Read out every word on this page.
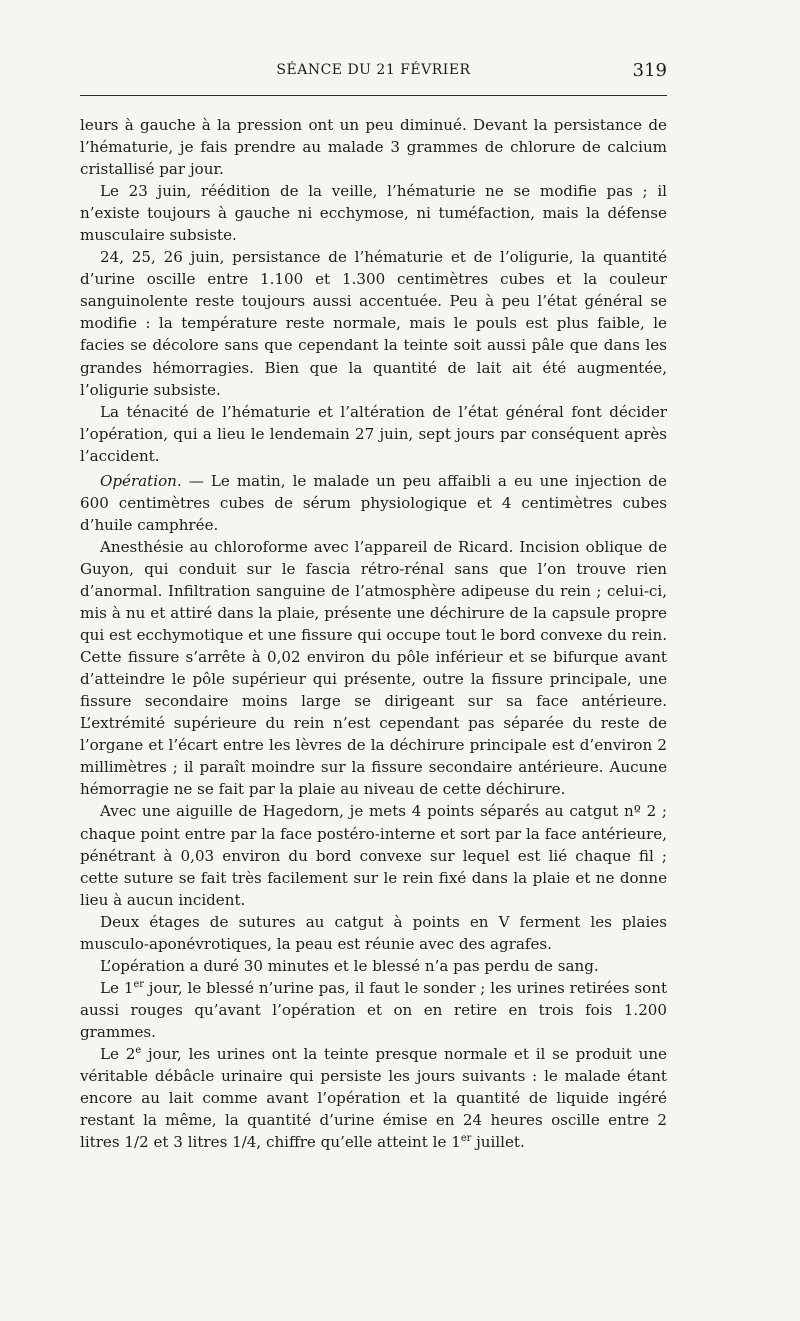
SÉANCE DU 21 FÉVRIER	319

leurs à gauche à la pression ont un peu diminué. Devant la persistance de l’hématurie, je fais prendre au malade 3 grammes de chlorure de calcium cristallisé par jour.

Le 23 juin, réédition de la veille, l’hématurie ne se modifie pas ; il n’existe toujours à gauche ni ecchymose, ni tuméfaction, mais la défense musculaire subsiste.

24, 25, 26 juin, persistance de l’hématurie et de l’oligurie, la quantité d’urine oscille entre 1.100 et 1.300 centimètres cubes et la couleur sanguinolente reste toujours aussi accentuée. Peu à peu l’état général se modifie : la température reste normale, mais le pouls est plus faible, le facies se décolore sans que cependant la teinte soit aussi pâle que dans les grandes hémorragies. Bien que la quantité de lait ait été augmentée, l’oligurie subsiste.

La ténacité de l’hématurie et l’altération de l’état général font décider l’opération, qui a lieu le lendemain 27 juin, sept jours par conséquent après l’accident.

Opération. — Le matin, le malade un peu affaibli a eu une injection de 600 centimètres cubes de sérum physiologique et 4 centimètres cubes d’huile camphrée.

Anesthésie au chloroforme avec l’appareil de Ricard. Incision oblique de Guyon, qui conduit sur le fascia rétro-rénal sans que l’on trouve rien d’anormal. Infiltration sanguine de l’atmosphère adipeuse du rein ; celui-ci, mis à nu et attiré dans la plaie, présente une déchirure de la capsule propre qui est ecchymotique et une fissure qui occupe tout le bord convexe du rein. Cette fissure s’arrête à 0,02 environ du pôle inférieur et se bifurque avant d’atteindre le pôle supérieur qui présente, outre la fissure principale, une fissure secondaire moins large se dirigeant sur sa face antérieure. L’extrémité supérieure du rein n’est cependant pas séparée du reste de l’organe et l’écart entre les lèvres de la déchirure principale est d’environ 2 millimètres ; il paraît moindre sur la fissure secondaire antérieure. Aucune hémorragie ne se fait par la plaie au niveau de cette déchirure.

Avec une aiguille de Hagedorn, je mets 4 points séparés au catgut nº 2 ; chaque point entre par la face postéro-interne et sort par la face antérieure, pénétrant à 0,03 environ du bord convexe sur lequel est lié chaque fil ; cette suture se fait très facilement sur le rein fixé dans la plaie et ne donne lieu à aucun incident.

Deux étages de sutures au catgut à points en V ferment les plaies musculo-aponévrotiques, la peau est réunie avec des agrafes.

L’opération a duré 30 minutes et le blessé n’a pas perdu de sang.

Le 1er jour, le blessé n’urine pas, il faut le sonder ; les urines retirées sont aussi rouges qu’avant l’opération et on en retire en trois fois 1.200 grammes.

Le 2e jour, les urines ont la teinte presque normale et il se produit une véritable débâcle urinaire qui persiste les jours suivants : le malade étant encore au lait comme avant l’opération et la quantité de liquide ingéré restant la même, la quantité d’urine émise en 24 heures oscille entre 2 litres 1/2 et 3 litres 1/4, chiffre qu’elle atteint le 1er juillet.
